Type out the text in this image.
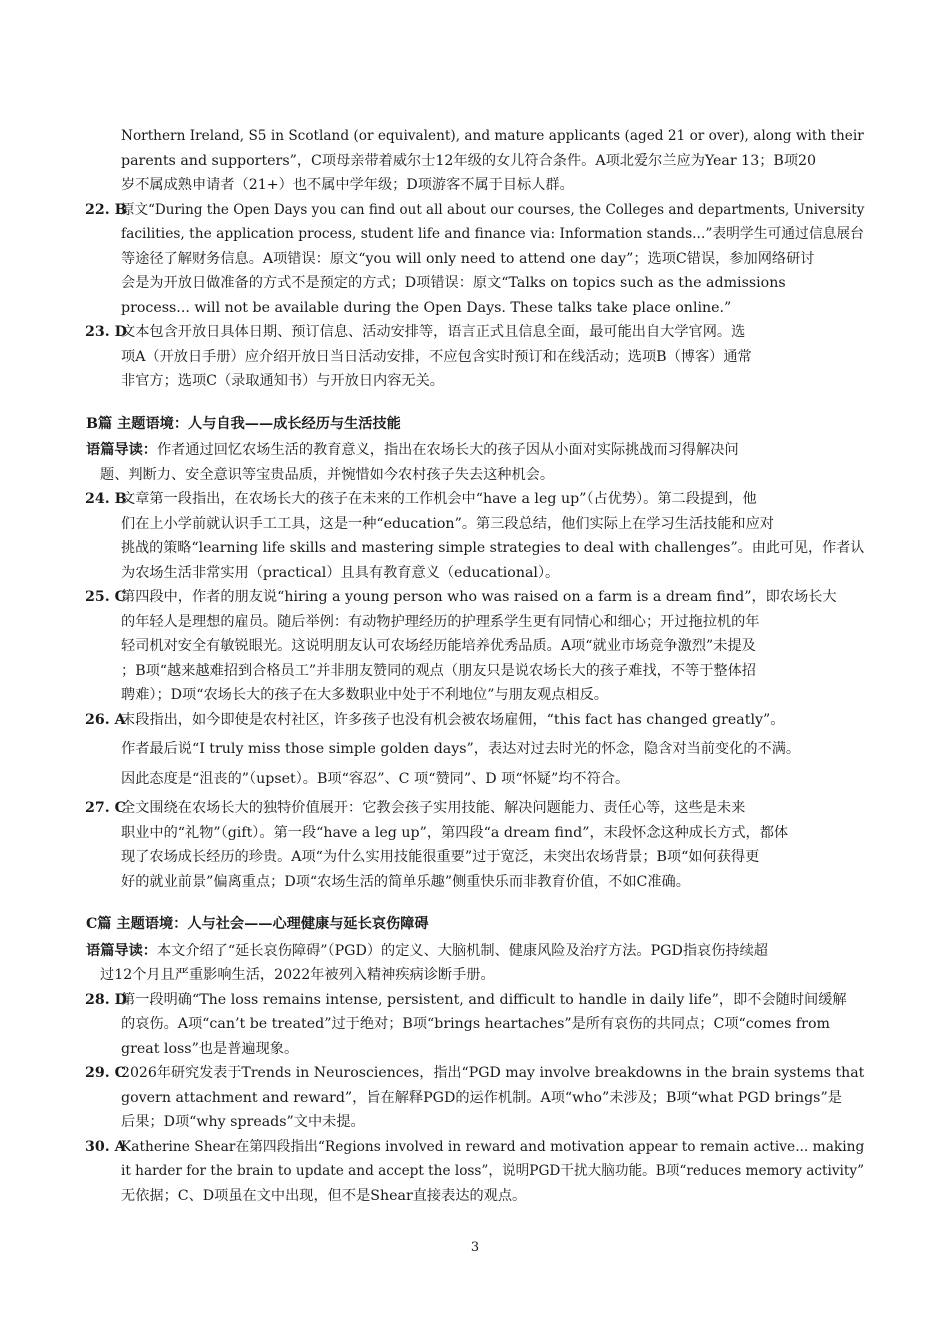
Northern Ireland, S5 in Scotland (or equivalent), and mature applicants (aged 21 or over), along with their
parents and supporters”，C项母亲带着威尔士12年级的女儿符合条件。A项北爱尔兰应为Year 13；B项20
岁不属成熟申请者（21+）也不属中学年级；D项游客不属于目标人群。
22. B
原文“During the Open Days you can find out all about our courses, the Colleges and departments, University
facilities, the application process, student life and finance via: Information stands...”表明学生可通过信息展台
等途径了解财务信息。A项错误：原文“you will only need to attend one day”；选项C错误，参加网络研讨
会是为开放日做准备的方式不是预定的方式；D项错误：原文“Talks on topics such as the admissions
process... will not be available during the Open Days. These talks take place online.”
23. D
文本包含开放日具体日期、预订信息、活动安排等，语言正式且信息全面，最可能出自大学官网。选
项A（开放日手册）应介绍开放日当日活动安排，不应包含实时预订和在线活动；选项B（博客）通常
非官方；选项C（录取通知书）与开放日内容无关。
B篇 主题语境：人与自我——成长经历与生活技能
语篇导读：作者通过回忆农场生活的教育意义，指出在农场长大的孩子因从小面对实际挑战而习得解决问
题、判断力、安全意识等宝贵品质，并惋惜如今农村孩子失去这种机会。
24. B
文章第一段指出，在农场长大的孩子在未来的工作机会中“have a leg up”（占优势）。第二段提到，他
们在上小学前就认识手工工具，这是一种“education”。第三段总结，他们实际上在学习生活技能和应对
挑战的策略“learning life skills and mastering simple strategies to deal with challenges”。由此可见，作者认
为农场生活非常实用（practical）且具有教育意义（educational）。
25. C
第四段中，作者的朋友说“hiring a young person who was raised on a farm is a dream find”，即农场长大
的年轻人是理想的雇员。随后举例：有动物护理经历的护理系学生更有同情心和细心；开过拖拉机的年
轻司机对安全有敏锐眼光。这说明朋友认可农场经历能培养优秀品质。A项“就业市场竞争激烈”未提及
；B项“越来越难招到合格员工”并非朋友赞同的观点（朋友只是说农场长大的孩子难找，不等于整体招
聘难）；D项“农场长大的孩子在大多数职业中处于不利地位”与朋友观点相反。
26. A
末段指出，如今即使是农村社区，许多孩子也没有机会被农场雇佣，“this fact has changed greatly”。
作者最后说“I truly miss those simple golden days”，表达对过去时光的怀念，隐含对当前变化的不满。
因此态度是“沮丧的”（upset）。B项“容忍”、C 项“赞同”、D 项“怀疑”均不符合。
27. C
全文围绕在农场长大的独特价值展开：它教会孩子实用技能、解决问题能力、责任心等，这些是未来
职业中的“礼物”（gift）。第一段“have a leg up”，第四段“a dream find”，末段怀念这种成长方式，都体
现了农场成长经历的珍贵。A项“为什么实用技能很重要”过于宽泛，未突出农场背景；B项“如何获得更
好的就业前景”偏离重点；D项“农场生活的简单乐趣”侧重快乐而非教育价值，不如C准确。
C篇 主题语境：人与社会——心理健康与延长哀伤障碍
语篇导读：本文介绍了“延长哀伤障碍”（PGD）的定义、大脑机制、健康风险及治疗方法。PGD指哀伤持续超
过12个月且严重影响生活，2022年被列入精神疾病诊断手册。
28. D
第一段明确“The loss remains intense, persistent, and difficult to handle in daily life”，即不会随时间缓解
的哀伤。A项“can’t be treated”过于绝对；B项“brings heartaches”是所有哀伤的共同点；C项“comes from
great loss”也是普遍现象。
29. C
2026年研究发表于Trends in Neurosciences，指出“PGD may involve breakdowns in the brain systems that
govern attachment and reward”，旨在解释PGD的运作机制。A项“who”未涉及；B项“what PGD brings”是
后果；D项“why spreads”文中未提。
30. A
Katherine Shear在第四段指出“Regions involved in reward and motivation appear to remain active... making
it harder for the brain to update and accept the loss”，说明PGD干扰大脑功能。B项“reduces memory activity”
无依据；C、D项虽在文中出现，但不是Shear直接表达的观点。
3
